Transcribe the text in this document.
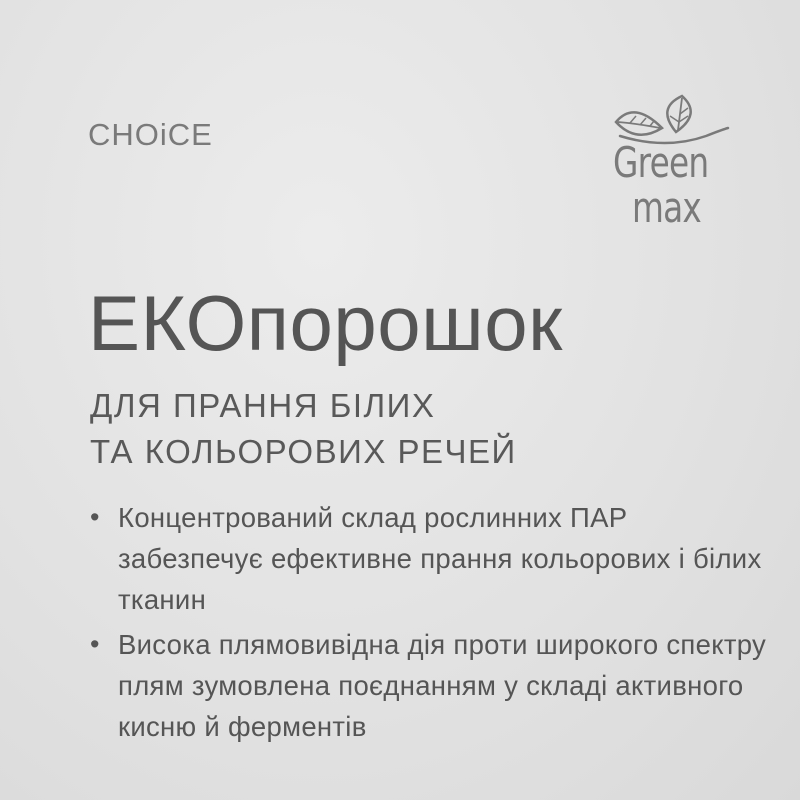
CHOiCE
Green
max
ЕКОпорошок
ДЛЯ ПРАННЯ БІЛИХ
ТА КОЛЬОРОВИХ РЕЧЕЙ
• Концентрований склад рослинних ПАР забезпечує ефективне прання кольорових і білих тканин
• Висока плямовивідна дія проти широкого спектру плям зумовлена поєднанням у складі активного кисню й ферментів
